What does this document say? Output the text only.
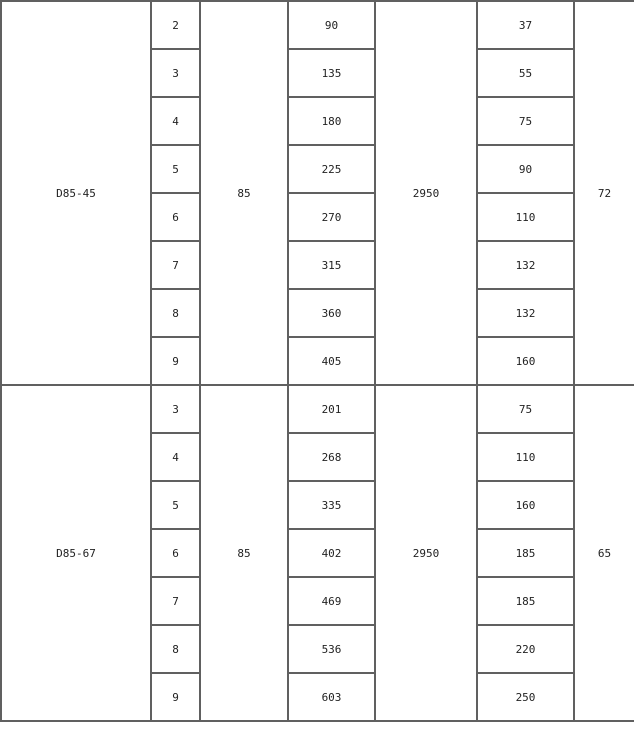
D85-45	2	85	90	2950	37	72
	3		135		55	
	4		180		75	
	5		225		90	
	6		270		110	
	7		315		132	
	8		360		132	
	9		405		160	
D85-67	3	85	201	2950	75	65
	4		268		110	
	5		335		160	
	6		402		185	
	7		469		185	
	8		536		220	
	9		603		250	
